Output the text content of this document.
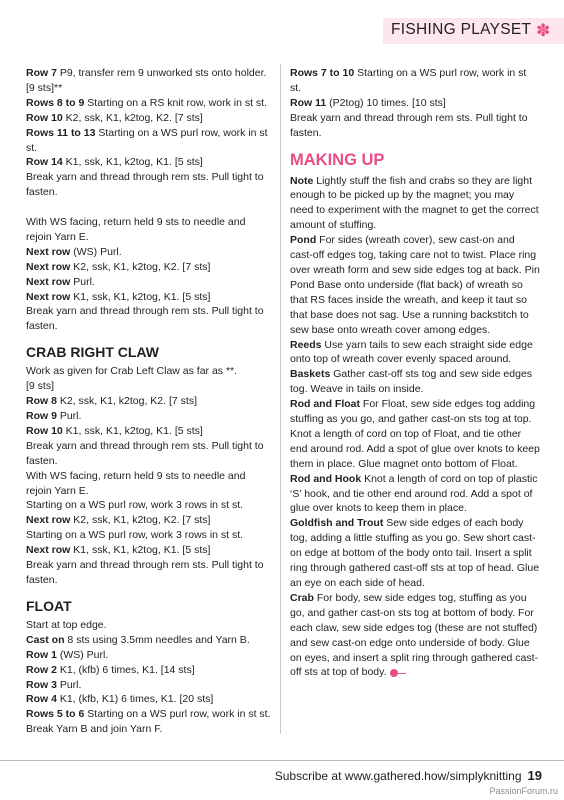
FISHING PLAYSET ✽

Row 7 P9, transfer rem 9 unworked sts onto holder. [9 sts]**

Rows 8 to 9 Starting on a RS knit row, work in st st.

Row 10 K2, ssk, K1, k2tog, K2. [7 sts]

Rows 11 to 13 Starting on a WS purl row, work in st st.

Row 14 K1, ssk, K1, k2tog, K1. [5 sts]

Break yarn and thread through rem sts. Pull tight to fasten.

With WS facing, return held 9 sts to needle and rejoin Yarn E.

Next row (WS) Purl.

Next row K2, ssk, K1, k2tog, K2. [7 sts]

Next row Purl.

Next row K1, ssk, K1, k2tog, K1. [5 sts]

Break yarn and thread through rem sts. Pull tight to fasten.

CRAB RIGHT CLAW

Work as given for Crab Left Claw as far as **.

[9 sts]

Row 8 K2, ssk, K1, k2tog, K2. [7 sts]

Row 9 Purl.

Row 10 K1, ssk, K1, k2tog, K1. [5 sts]

Break yarn and thread through rem sts. Pull tight to fasten.

With WS facing, return held 9 sts to needle and rejoin Yarn E.

Starting on a WS purl row, work 3 rows in st st.

Next row K2, ssk, K1, k2tog, K2. [7 sts]

Starting on a WS purl row, work 3 rows in st st.

Next row K1, ssk, K1, k2tog, K1. [5 sts]

Break yarn and thread through rem sts. Pull tight to fasten.

FLOAT

Start at top edge.

Cast on 8 sts using 3.5mm needles and Yarn B.

Row 1 (WS) Purl.

Row 2 K1, (kfb) 6 times, K1. [14 sts]

Row 3 Purl.

Row 4 K1, (kfb, K1) 6 times, K1. [20 sts]

Rows 5 to 6 Starting on a WS purl row, work in st st.

Break Yarn B and join Yarn F.

Rows 7 to 10 Starting on a WS purl row, work in st st.

Row 11 (P2tog) 10 times. [10 sts]

Break yarn and thread through rem sts. Pull tight to fasten.

MAKING UP

Note Lightly stuff the fish and crabs so they are light enough to be picked up by the magnet; you may need to experiment with the magnet to get the correct amount of stuffing.

Pond For sides (wreath cover), sew cast-on and cast-off edges tog, taking care not to twist. Place ring over wreath form and sew side edges tog at back. Pin Pond Base onto underside (flat back) of wreath so that RS faces inside the wreath, and keep it taut so that base does not sag. Use a running backstitch to sew base onto wreath cover among edges.

Reeds Use yarn tails to sew each straight side edge onto top of wreath cover evenly spaced around.

Baskets Gather cast-off sts tog and sew side edges tog. Weave in tails on inside.

Rod and Float For Float, sew side edges tog adding stuffing as you go, and gather cast-on sts tog at top. Knot a length of cord on top of Float, and tie other end around rod. Add a spot of glue over knots to keep them in place. Glue magnet onto bottom of Float.

Rod and Hook Knot a length of cord on top of plastic ‘S’ hook, and tie other end around rod. Add a spot of glue over knots to keep them in place.

Goldfish and Trout Sew side edges of each body tog, adding a little stuffing as you go. Sew short cast-on edge at bottom of the body onto tail. Insert a split ring through gathered cast-off sts at top of head. Glue an eye on each side of head.

Crab For body, sew side edges tog, stuffing as you go, and gather cast-on sts tog at bottom of body. For each claw, sew side edges tog (these are not stuffed) and sew cast-on edge onto underside of body. Glue on eyes, and insert a split ring through gathered cast-off sts at top of body.

Subscribe at www.gathered.how/simplyknitting 19
PassionForum.ru
